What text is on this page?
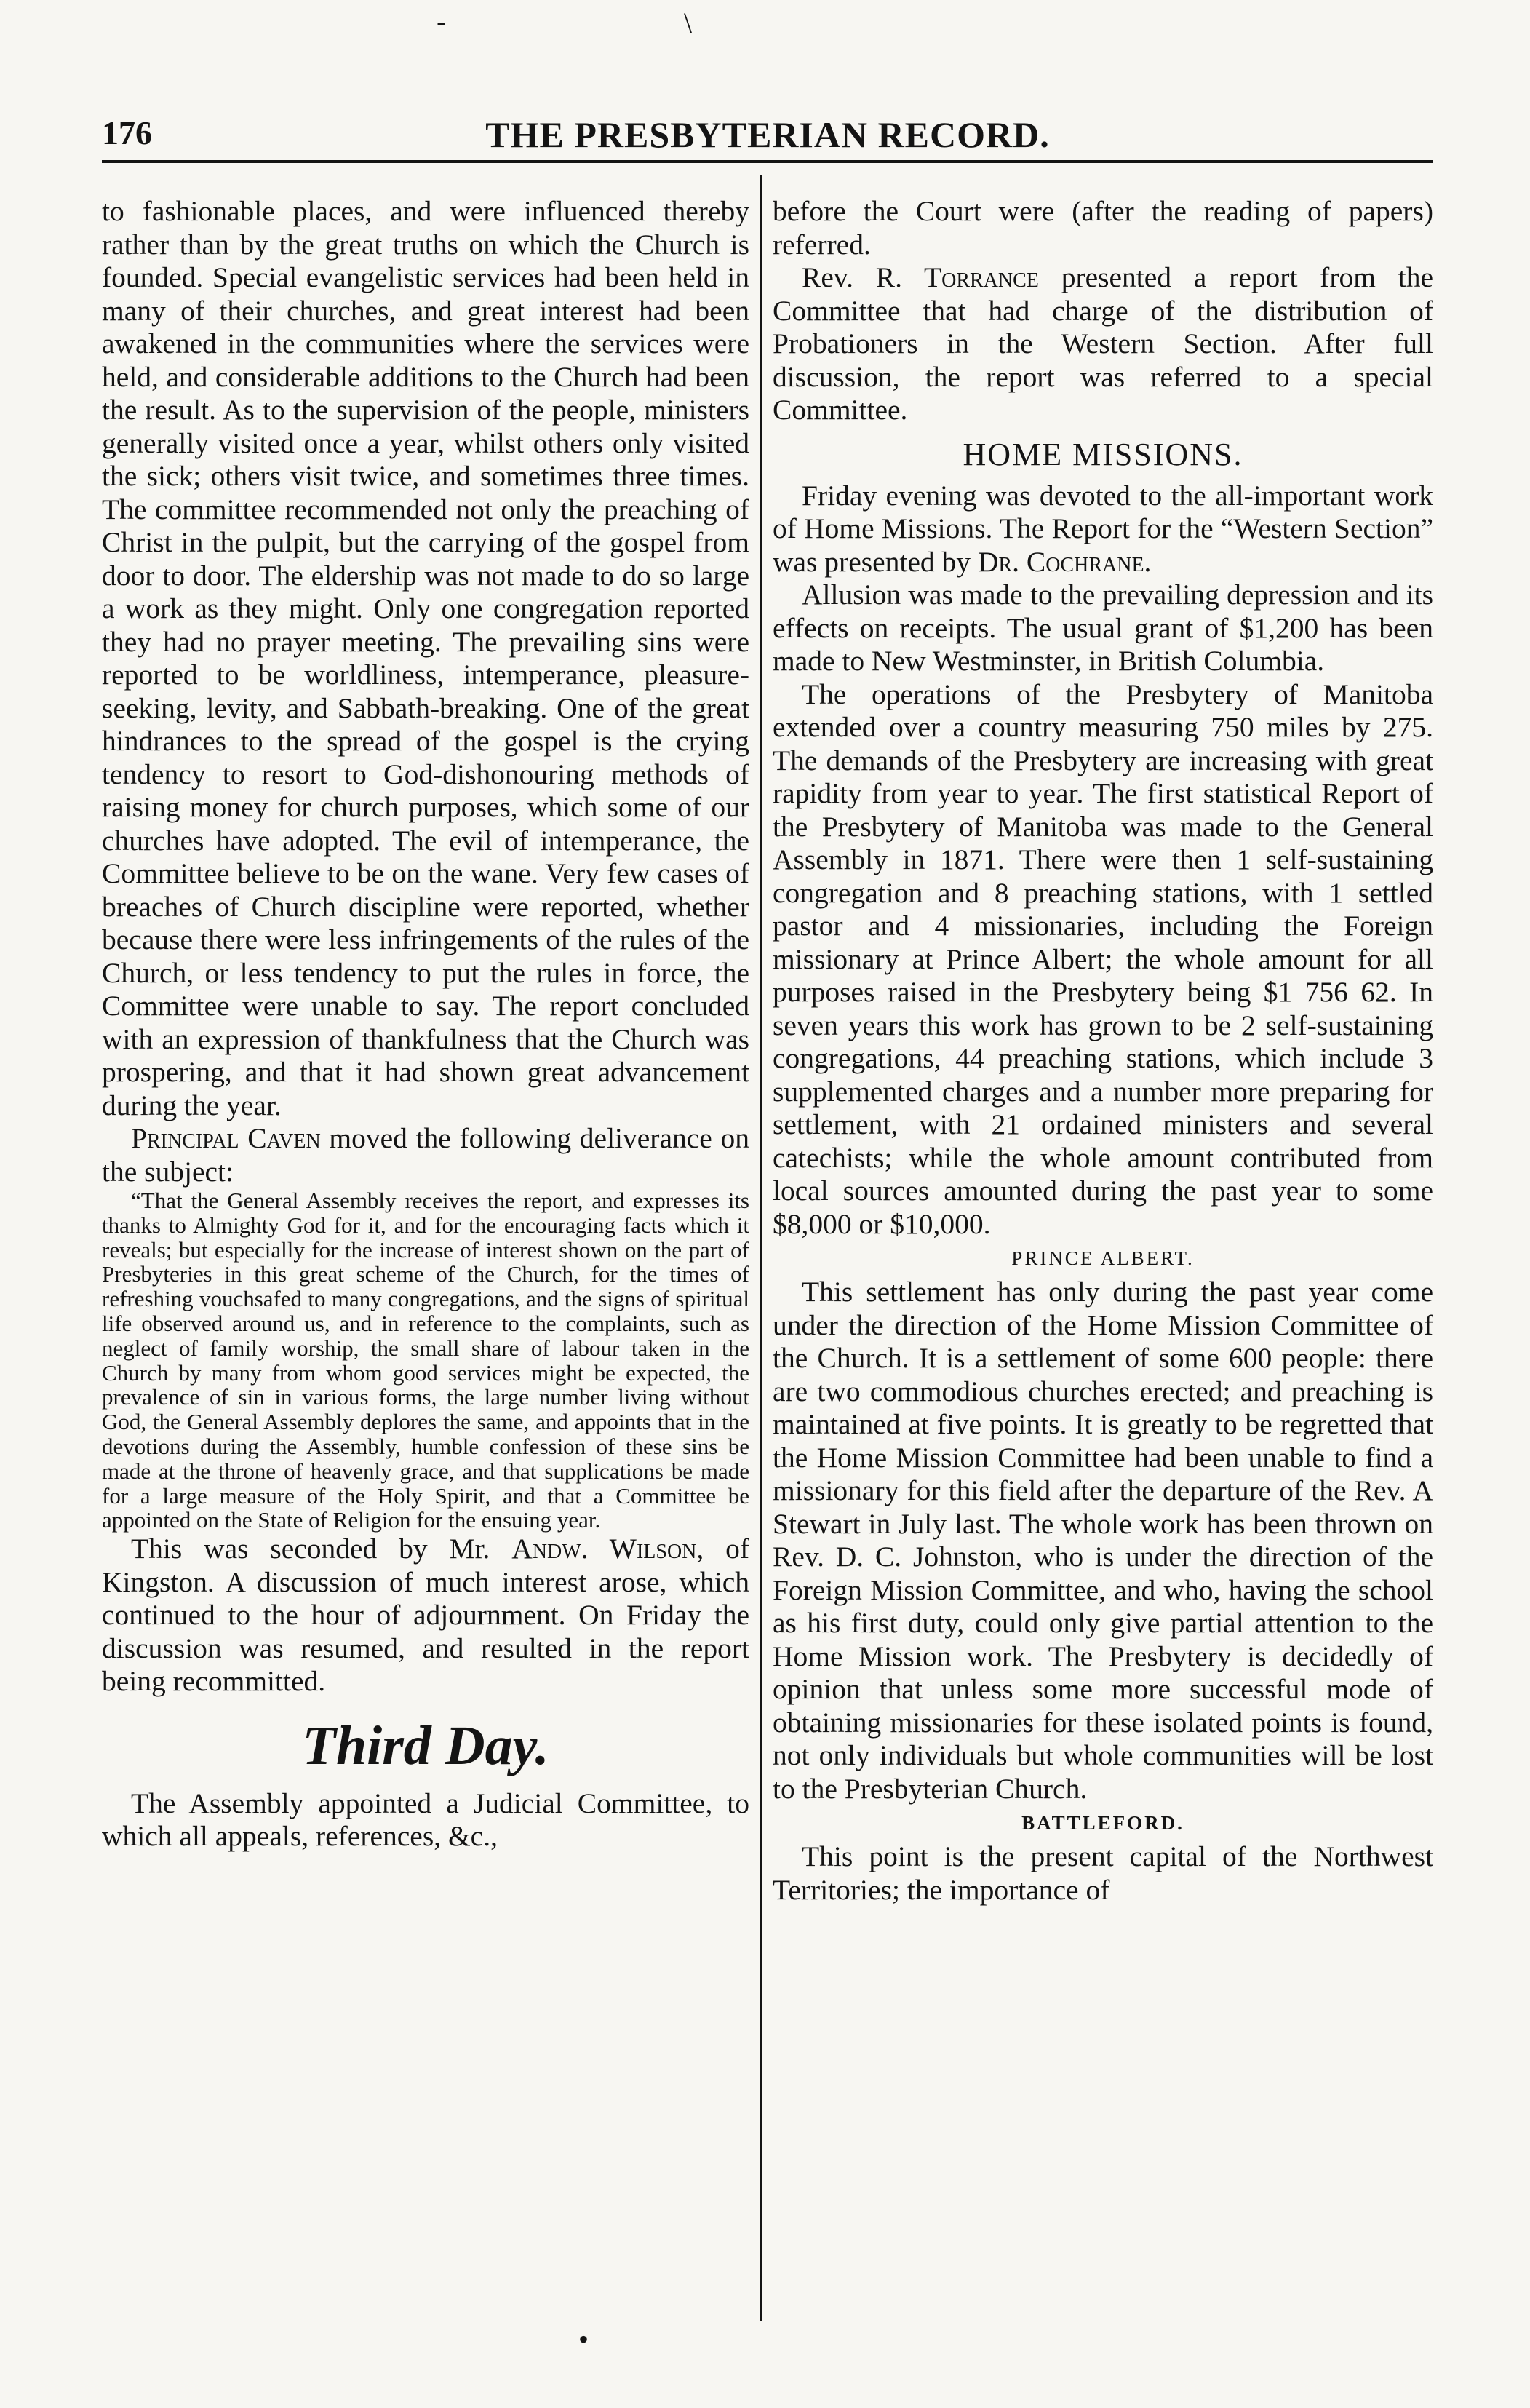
-	\
176	THE PRESBYTERIAN RECORD.

to fashionable places, and were influenced thereby rather than by the great truths on which the Church is founded. Special evangelistic services had been held in many of their churches, and great interest had been awakened in the communities where the services were held, and considerable additions to the Church had been the result. As to the supervision of the people, ministers generally visited once a year, whilst others only visited the sick; others visit twice, and sometimes three times. The committee recommended not only the preaching of Christ in the pulpit, but the carrying of the gospel from door to door. The eldership was not made to do so large a work as they might. Only one congregation reported they had no prayer meeting. The prevailing sins were reported to be worldliness, intemperance, pleasure-seeking, levity, and Sabbath-breaking. One of the great hindrances to the spread of the gospel is the crying tendency to resort to God-dishonouring methods of raising money for church purposes, which some of our churches have adopted. The evil of intemperance, the Committee believe to be on the wane. Very few cases of breaches of Church discipline were reported, whether because there were less infringements of the rules of the Church, or less tendency to put the rules in force, the Committee were unable to say. The report concluded with an expression of thankfulness that the Church was prospering, and that it had shown great advancement during the year.

Principal Caven moved the following deliverance on the subject:

“That the General Assembly receives the report, and expresses its thanks to Almighty God for it, and for the encouraging facts which it reveals; but especially for the increase of interest shown on the part of Presbyteries in this great scheme of the Church, for the times of refreshing vouchsafed to many congregations, and the signs of spiritual life observed around us, and in reference to the complaints, such as neglect of family worship, the small share of labour taken in the Church by many from whom good services might be expected, the prevalence of sin in various forms, the large number living without God, the General Assembly deplores the same, and appoints that in the devotions during the Assembly, humble confession of these sins be made at the throne of heavenly grace, and that supplications be made for a large measure of the Holy Spirit, and that a Committee be appointed on the State of Religion for the ensuing year.

This was seconded by Mr. Andw. Wilson, of Kingston. A discussion of much interest arose, which continued to the hour of adjournment. On Friday the discussion was resumed, and resulted in the report being recommitted.

Third Day.

The Assembly appointed a Judicial Committee, to which all appeals, references, &c.,

before the Court were (after the reading of papers) referred.

Rev. R. Torrance presented a report from the Committee that had charge of the distribution of Probationers in the Western Section. After full discussion, the report was referred to a special Committee.

HOME MISSIONS.

Friday evening was devoted to the all-important work of Home Missions. The Report for the “Western Section” was presented by Dr. Cochrane.

Allusion was made to the prevailing depression and its effects on receipts. The usual grant of $1,200 has been made to New Westminster, in British Columbia.

The operations of the Presbytery of Manitoba extended over a country measuring 750 miles by 275. The demands of the Presbytery are increasing with great rapidity from year to year. The first statistical Report of the Presbytery of Manitoba was made to the General Assembly in 1871. There were then 1 self-sustaining congregation and 8 preaching stations, with 1 settled pastor and 4 missionaries, including the Foreign missionary at Prince Albert; the whole amount for all purposes raised in the Presbytery being $1 756 62. In seven years this work has grown to be 2 self-sustaining congregations, 44 preaching stations, which include 3 supplemented charges and a number more preparing for settlement, with 21 ordained ministers and several catechists; while the whole amount contributed from local sources amounted during the past year to some $8,000 or $10,000.

PRINCE ALBERT.

This settlement has only during the past year come under the direction of the Home Mission Committee of the Church. It is a settlement of some 600 people: there are two commodious churches erected; and preaching is maintained at five points. It is greatly to be regretted that the Home Mission Committee had been unable to find a missionary for this field after the departure of the Rev. A Stewart in July last. The whole work has been thrown on Rev. D. C. Johnston, who is under the direction of the Foreign Mission Committee, and who, having the school as his first duty, could only give partial attention to the Home Mission work. The Presbytery is decidedly of opinion that unless some more successful mode of obtaining missionaries for these isolated points is found, not only individuals but whole communities will be lost to the Presbyterian Church.

BATTLEFORD.

This point is the present capital of the Northwest Territories; the importance of

•
